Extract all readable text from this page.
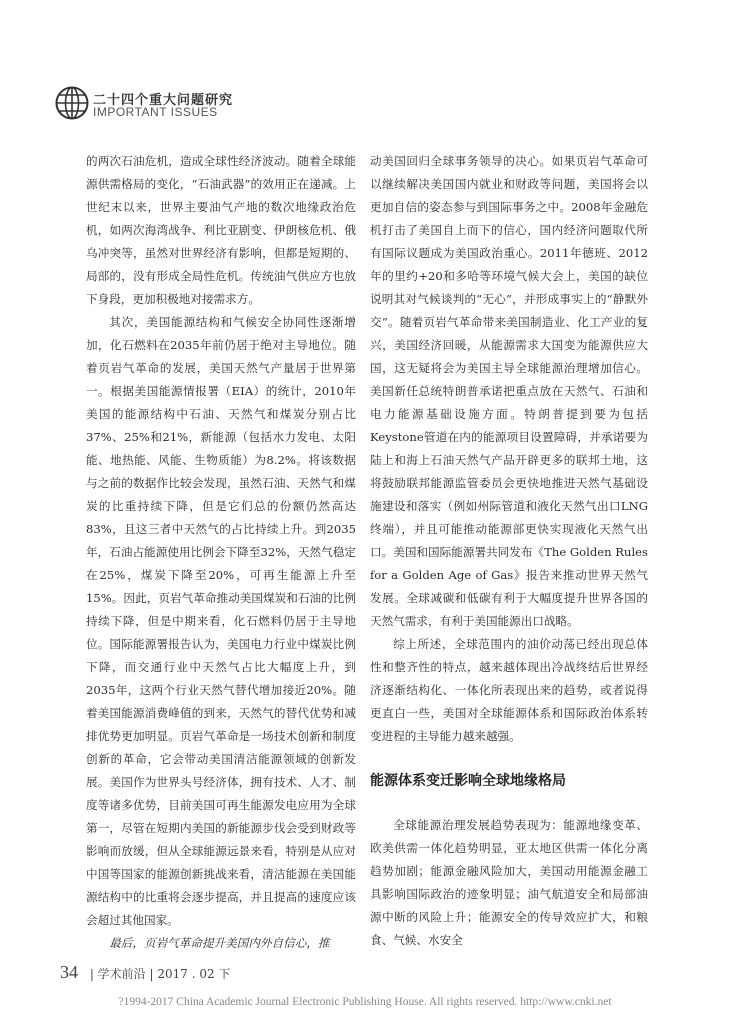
二十四个重大问题研究
IMPORTANT ISSUES

的两次石油危机，造成全球性经济波动。随着全球能源供需格局的变化，“石油武器”的效用正在递减。上世纪末以来，世界主要油气产地的数次地缘政治危机，如两次海湾战争、利比亚剧变、伊朗核危机、俄乌冲突等，虽然对世界经济有影响，但都是短期的、局部的，没有形成全局性危机。传统油气供应方也放下身段，更加积极地对接需求方。

其次，美国能源结构和气候安全协同性逐渐增加，化石燃料在2035年前仍居于绝对主导地位。随着页岩气革命的发展，美国天然气产量居于世界第一。根据美国能源情报署（EIA）的统计，2010年美国的能源结构中石油、天然气和煤炭分别占比37%、25%和21%，新能源（包括水力发电、太阳能、地热能、风能、生物质能）为8.2%。将该数据与之前的数据作比较会发现，虽然石油、天然气和煤炭的比重持续下降，但是它们总的份额仍然高达83%，且这三者中天然气的占比持续上升。到2035年，石油占能源使用比例会下降至32%，天然气稳定在25%，煤炭下降至20%，可再生能源上升至15%。因此，页岩气革命推动美国煤炭和石油的比例持续下降，但是中期来看，化石燃料仍居于主导地位。国际能源署报告认为，美国电力行业中煤炭比例下降，而交通行业中天然气占比大幅度上升，到2035年，这两个行业天然气替代增加接近20%。随着美国能源消费峰值的到来，天然气的替代优势和减排优势更加明显。页岩气革命是一场技术创新和制度创新的革命，它会带动美国清洁能源领域的创新发展。美国作为世界头号经济体，拥有技术、人才、制度等诸多优势，目前美国可再生能源发电应用为全球第一，尽管在短期内美国的新能源步伐会受到财政等影响而放缓，但从全球能源远景来看，特别是从应对中国等国家的能源创新挑战来看，清洁能源在美国能源结构中的比重将会逐步提高，并且提高的速度应该会超过其他国家。

最后，页岩气革命提升美国内外自信心，推

动美国回归全球事务领导的决心。如果页岩气革命可以继续解决美国国内就业和财政等问题，美国将会以更加自信的姿态参与到国际事务之中。2008年金融危机打击了美国自上而下的信心，国内经济问题取代所有国际议题成为美国政治重心。2011年德班、2012年的里约+20和多哈等环境气候大会上，美国的缺位说明其对气候谈判的“无心”，并形成事实上的“静默外交”。随着页岩气革命带来美国制造业、化工产业的复兴，美国经济回暖，从能源需求大国变为能源供应大国，这无疑将会为美国主导全球能源治理增加信心。美国新任总统特朗普承诺把重点放在天然气、石油和电力能源基础设施方面。特朗普提到要为包括Keystone管道在内的能源项目设置障碍，并承诺要为陆上和海上石油天然气产品开辟更多的联邦土地，这将鼓励联邦能源监管委员会更快地推进天然气基础设施建设和落实（例如州际管道和液化天然气出口LNG终端），并且可能推动能源部更快实现液化天然气出口。美国和国际能源署共同发布《The Golden Rules for a Golden Age of Gas》报告来推动世界天然气发展。全球减碳和低碳有利于大幅度提升世界各国的天然气需求，有利于美国能源出口战略。

综上所述，全球范围内的油价动荡已经出现总体性和整齐性的特点，越来越体现出冷战终结后世界经济逐渐结构化、一体化所表现出来的趋势，或者说得更直白一些，美国对全球能源体系和国际政治体系转变进程的主导能力越来越强。

能源体系变迁影响全球地缘格局

全球能源治理发展趋势表现为：能源地缘变革、欧美供需一体化趋势明显，亚太地区供需一体化分离趋势加剧；能源金融风险加大，美国动用能源金融工具影响国际政治的迹象明显；油气航道安全和局部油源中断的风险上升；能源安全的传导效应扩大，和粮食、气候、水安全

34 | 学术前沿 | 2017 . 02 下
?1994-2017 China Academic Journal Electronic Publishing House. All rights reserved. http://www.cnki.net
